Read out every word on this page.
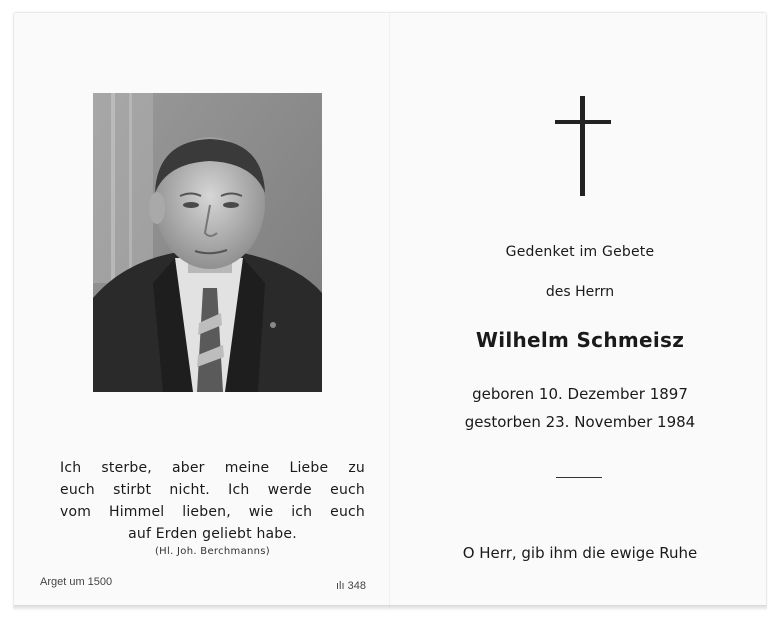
Ich sterbe, aber meine Liebe zu
euch stirbt nicht. Ich werde euch
vom Himmel lieben, wie ich euch
auf Erden geliebt habe.
(Hl. Joh. Berchmanns)
Arget um 1500	ılı 348
Gedenket im Gebete
des Herrn
Wilhelm Schmeisz
geboren 10. Dezember 1897
gestorben 23. November 1984
O Herr, gib ihm die ewige Ruhe
